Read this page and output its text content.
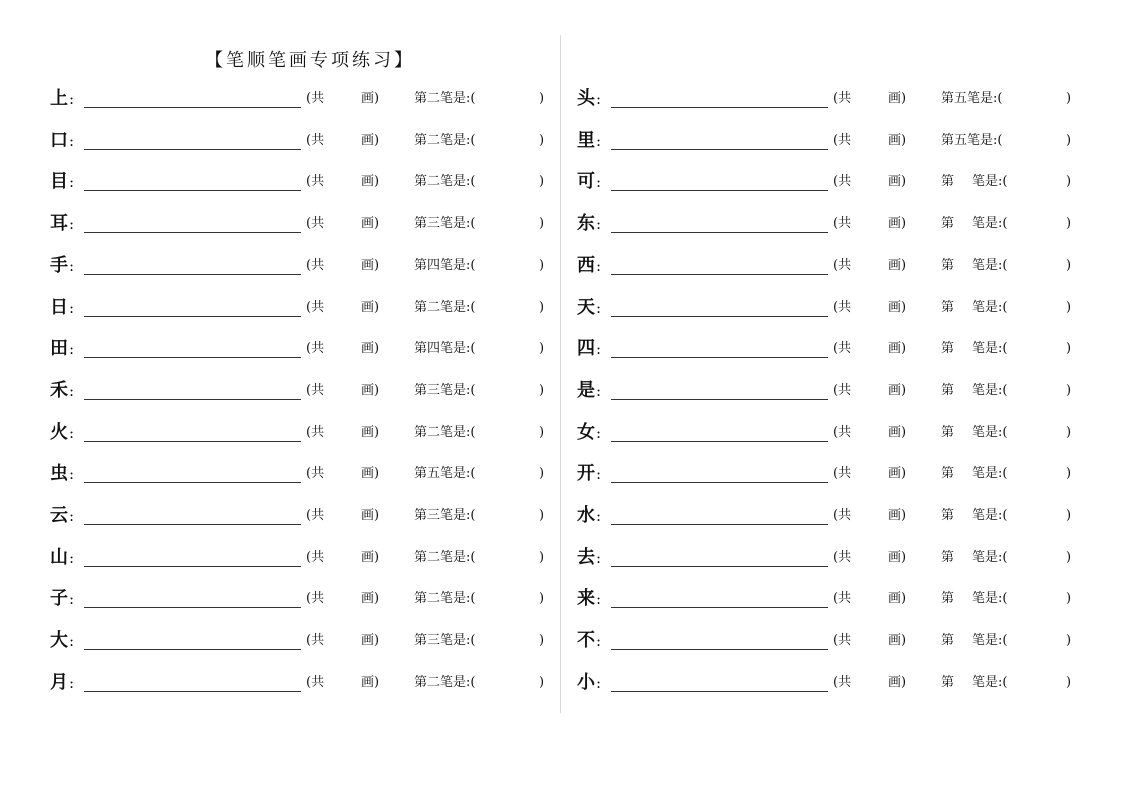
【笔顺笔画专项练习】
上 :	(共	画)	第二笔是:(	)
口 :	(共	画)	第二笔是:(	)
目 :	(共	画)	第二笔是:(	)
耳 :	(共	画)	第三笔是:(	)
手 :	(共	画)	第四笔是:(	)
日 :	(共	画)	第二笔是:(	)
田 :	(共	画)	第四笔是:(	)
禾 :	(共	画)	第三笔是:(	)
火 :	(共	画)	第二笔是:(	)
虫 :	(共	画)	第五笔是:(	)
云 :	(共	画)	第三笔是:(	)
山 :	(共	画)	第二笔是:(	)
子 :	(共	画)	第二笔是:(	)
大 :	(共	画)	第三笔是:(	)
月 :	(共	画)	第二笔是:(	)
头 :	(共	画)	第五笔是:(	)
里 :	(共	画)	第五笔是:(	)
可 :	(共	画)	第 笔是:(	)
东 :	(共	画)	第 笔是:(	)
西 :	(共	画)	第 笔是:(	)
天 :	(共	画)	第 笔是:(	)
四 :	(共	画)	第 笔是:(	)
是 :	(共	画)	第 笔是:(	)
女 :	(共	画)	第 笔是:(	)
开 :	(共	画)	第 笔是:(	)
水 :	(共	画)	第 笔是:(	)
去 :	(共	画)	第 笔是:(	)
来 :	(共	画)	第 笔是:(	)
不 :	(共	画)	第 笔是:(	)
小 :	(共	画)	第 笔是:(	)
